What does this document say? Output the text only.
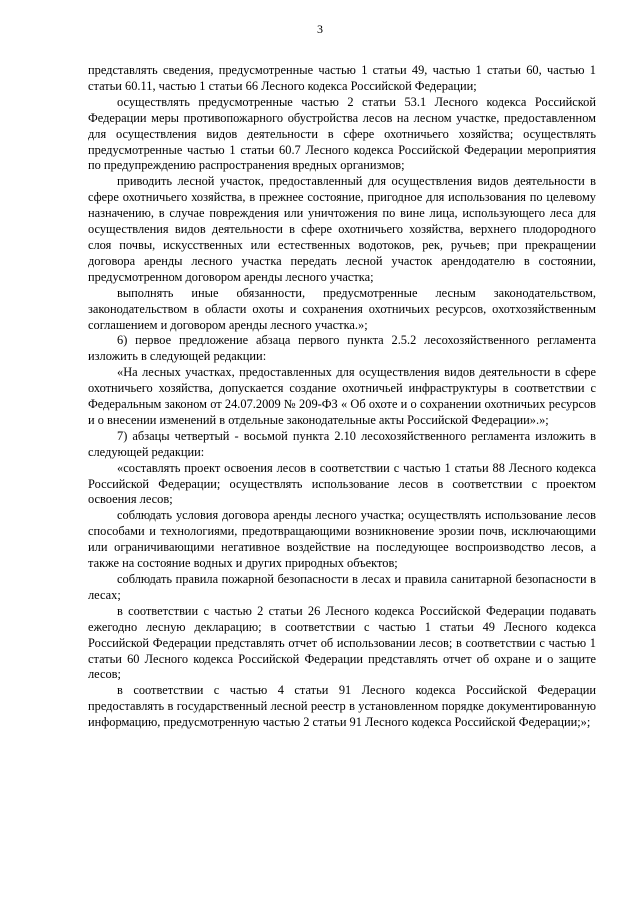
3

представлять сведения, предусмотренные частью 1 статьи 49, частью 1 статьи 60, частью 1 статьи 60.11, частью 1 статьи 66 Лесного кодекса Российской Федерации;

осуществлять предусмотренные частью 2 статьи 53.1 Лесного кодекса Российской Федерации меры противопожарного обустройства лесов на лесном участке, предоставленном для осуществления видов деятельности в сфере охотничьего хозяйства; осуществлять предусмотренные частью 1 статьи 60.7 Лесного кодекса Российской Федерации мероприятия по предупреждению распространения вредных организмов;

приводить лесной участок, предоставленный для осуществления видов деятельности в сфере охотничьего хозяйства, в прежнее состояние, пригодное для использования по целевому назначению, в случае повреждения или уничтожения по вине лица, использующего леса для осуществления видов деятельности в сфере охотничьего хозяйства, верхнего плодородного слоя почвы, искусственных или естественных водотоков, рек, ручьев; при прекращении договора аренды лесного участка передать лесной участок арендодателю в состоянии, предусмотренном договором аренды лесного участка;

выполнять иные обязанности, предусмотренные лесным законодательством, законодательством в области охоты и сохранения охотничьих ресурсов, охотхозяйственным соглашением и договором аренды лесного участка.»;

6) первое предложение абзаца первого пункта 2.5.2 лесохозяйственного регламента изложить в следующей редакции:

«На лесных участках, предоставленных для осуществления видов деятельности в сфере охотничьего хозяйства, допускается создание охотничьей инфраструктуры в соответствии с Федеральным законом от 24.07.2009 № 209-ФЗ « Об охоте и о сохранении охотничьих ресурсов и о внесении изменений в отдельные законодательные акты Российской Федерации».»;

7) абзацы четвертый - восьмой пункта 2.10 лесохозяйственного регламента изложить в следующей редакции:

«составлять проект освоения лесов в соответствии с частью 1 статьи 88 Лесного кодекса Российской Федерации; осуществлять использование лесов в соответствии с проектом освоения лесов;

соблюдать условия договора аренды лесного участка; осуществлять использование лесов способами и технологиями, предотвращающими возникновение эрозии почв, исключающими или ограничивающими негативное воздействие на последующее воспроизводство лесов, а также на состояние водных и других природных объектов;

соблюдать правила пожарной безопасности в лесах и правила санитарной безопасности в лесах;

в соответствии с частью 2 статьи 26 Лесного кодекса Российской Федерации подавать ежегодно лесную декларацию; в соответствии с частью 1 статьи 49 Лесного кодекса Российской Федерации представлять отчет об использовании лесов; в соответствии с частью 1 статьи 60 Лесного кодекса Российской Федерации представлять отчет об охране и о защите лесов;

в соответствии с частью 4 статьи 91 Лесного кодекса Российской Федерации предоставлять в государственный лесной реестр в установленном порядке документированную информацию, предусмотренную частью 2 статьи 91 Лесного кодекса Российской Федерации;»;
